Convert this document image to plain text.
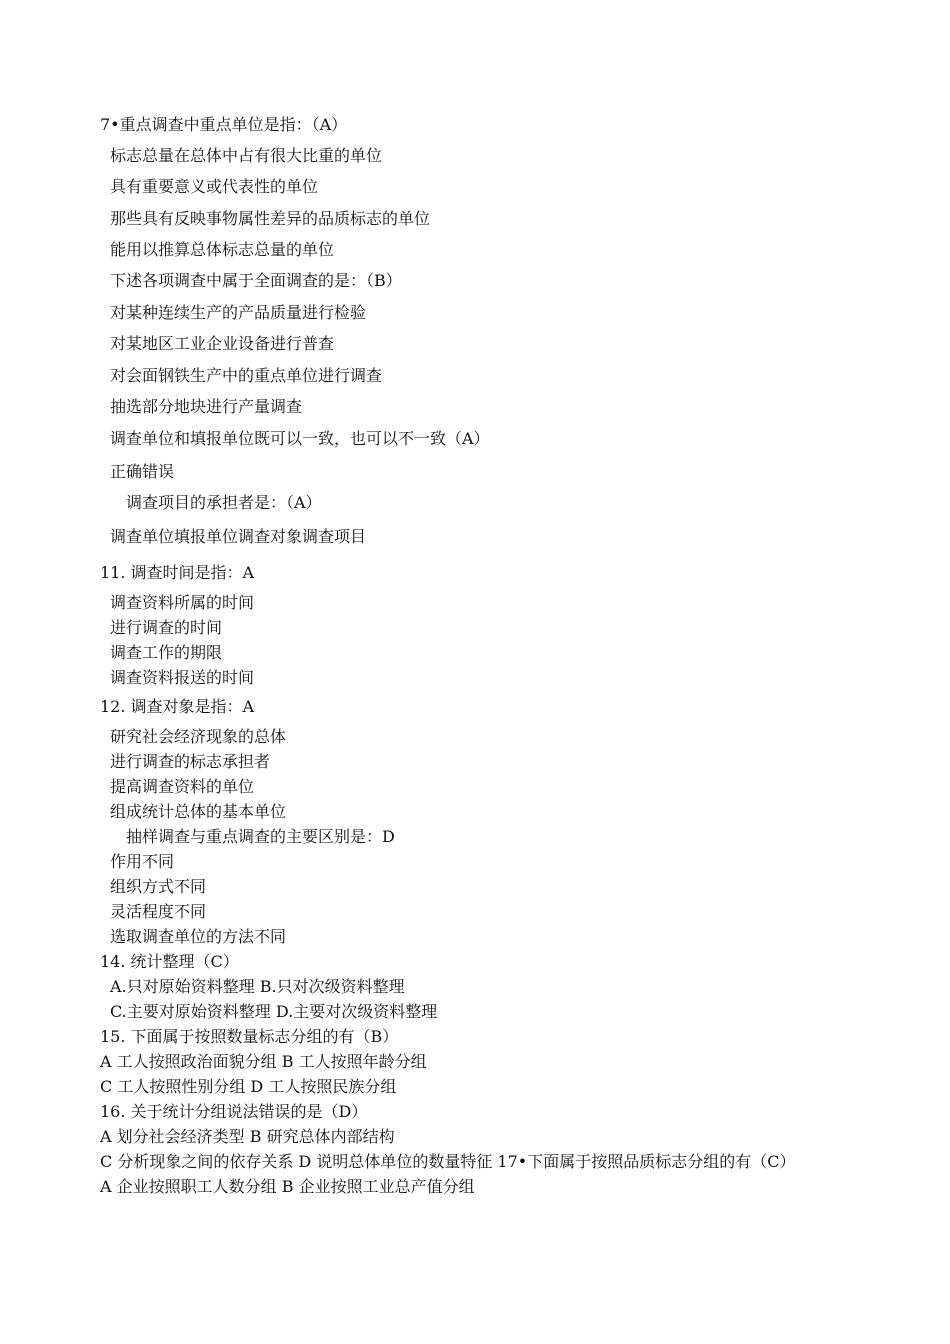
7•重点调查中重点单位是指：（A）
标志总量在总体中占有很大比重的单位
具有重要意义或代表性的单位
那些具有反映事物属性差异的品质标志的单位
能用以推算总体标志总量的单位
下述各项调查中属于全面调查的是：（B）
对某种连续生产的产品质量进行检验
对某地区工业企业设备进行普查
对会面钢铁生产中的重点单位进行调查
抽选部分地块进行产量调查
调查单位和填报单位既可以一致，也可以不一致（A）
正确错误
调查项目的承担者是：（A）
调查单位填报单位调查对象调查项目
11. 调查时间是指：A
调查资料所属的时间
进行调查的时间
调查工作的期限
调查资料报送的时间
12. 调查对象是指：A
研究社会经济现象的总体
进行调查的标志承担者
提高调查资料的单位
组成统计总体的基本单位
抽样调查与重点调查的主要区别是：D
作用不同
组织方式不同
灵活程度不同
选取调查单位的方法不同
14. 统计整理（C）
A.只对原始资料整理 B.只对次级资料整理
C.主要对原始资料整理 D.主要对次级资料整理
15. 下面属于按照数量标志分组的有（B）
A 工人按照政治面貌分组 B 工人按照年龄分组
C 工人按照性别分组 D 工人按照民族分组
16. 关于统计分组说法错误的是（D）
A 划分社会经济类型 B 研究总体内部结构
C 分析现象之间的依存关系 D 说明总体单位的数量特征 17•下面属于按照品质标志分组的有（C）
A 企业按照职工人数分组 B 企业按照工业总产值分组
